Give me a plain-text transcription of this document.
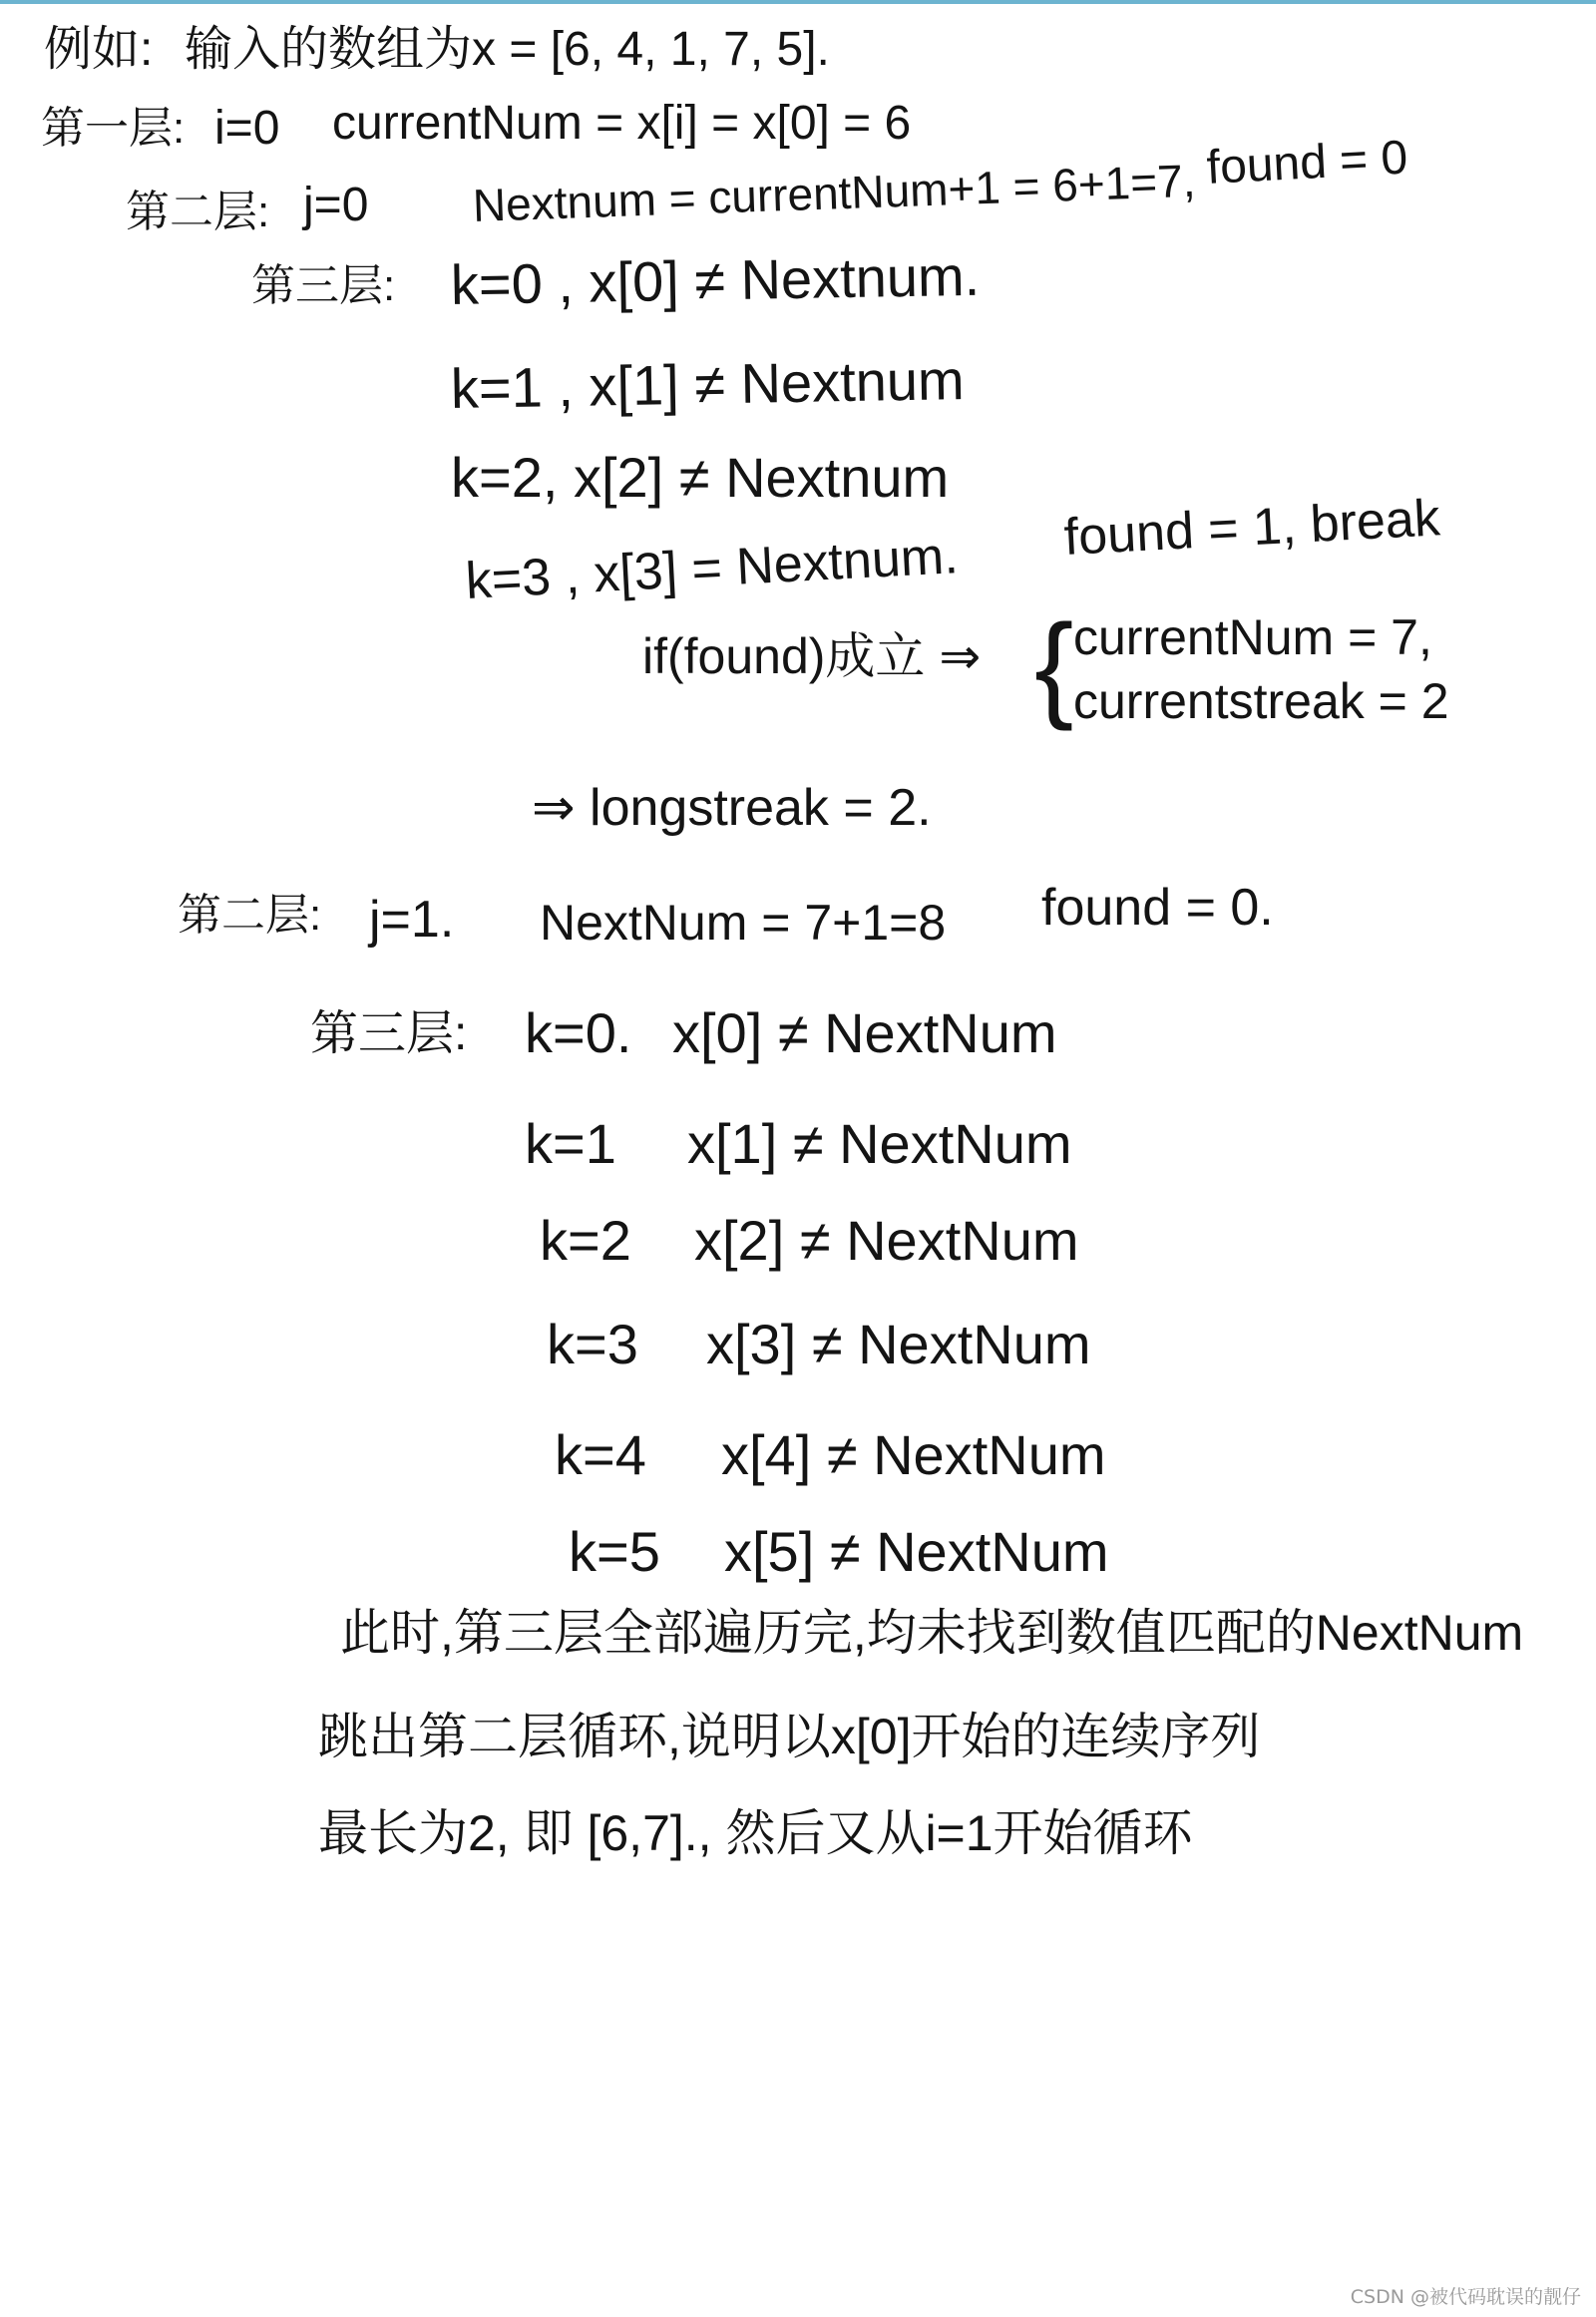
例如: 输入的数组为x = [6, 4, 1, 7, 5].
第一层: i=0 currentNum = x[i] = x[0] = 6
第二层: j=0 Nextnum = currentNum+1 = 6+1=7, found = 0
第三层: k=0 , x[0] ≠ Nextnum.
k=1 , x[1] ≠ Nextnum
k=2, x[2] ≠ Nextnum
k=3 , x[3] = Nextnum. found = 1, break
if(found)成立 ⇒ { currentNum = 7,
currentstreak = 2
⇒ longstreak = 2.
第二层: j=1. NextNum = 7+1=8 found = 0.
第三层: k=0. x[0] ≠ NextNum
k=1 x[1] ≠ NextNum
k=2 x[2] ≠ NextNum
k=3 x[3] ≠ NextNum
k=4 x[4] ≠ NextNum
k=5 x[5] ≠ NextNum
此时,第三层全部遍历完,均未找到数值匹配的NextNum
跳出第二层循环,说明以x[0]开始的连续序列
最长为2, 即 [6,7]., 然后又从i=1开始循环
CSDN @被代码耽误的靓仔
